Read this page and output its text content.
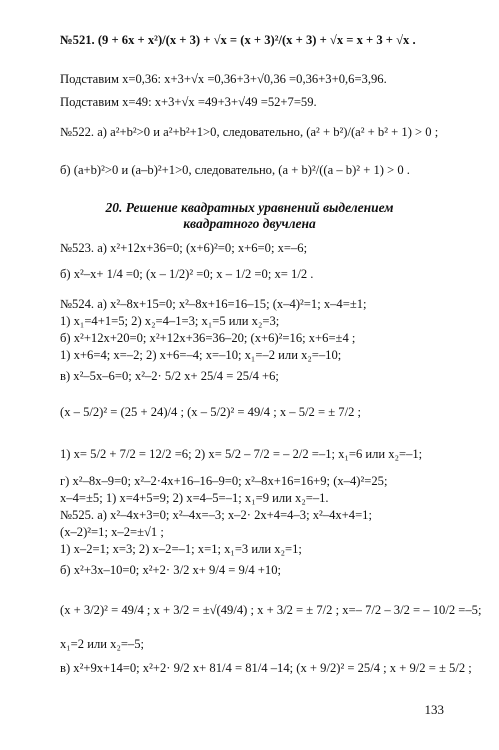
20. Решение квадратных уравнений выделением
квадратного двучлена
№521. (9 + 6x + x²)/(x + 3) + √x = (x + 3)²/(x + 3) + √x = x + 3 + √x .
Подставим x=0,36: x+3+√x =0,36+3+√0,36 =0,36+3+0,6=3,96.
Подставим x=49: x+3+√x =49+3+√49 =52+7=59.
№522. а) a²+b²>0 и a²+b²+1>0, следовательно, (a² + b²)/(a² + b² + 1) > 0 ;
б) (a+b)²>0 и (a–b)²+1>0, следовательно, (a + b)²/((a – b)² + 1) > 0 .
№523. а) x²+12x+36=0; (x+6)²=0; x+6=0; x=–6;
б) x²–x+ 1/4 =0; (x – 1/2)² =0; x – 1/2 =0; x= 1/2 .
№524. а) x²–8x+15=0; x²–8x+16=16–15; (x–4)²=1; x–4=±1;
1) x₁=4+1=5; 2) x₂=4–1=3; x₁=5 или x₂=3;
б) x²+12x+20=0; x²+12x+36=36–20; (x+6)²=16; x+6=±4 ;
1) x+6=4; x=–2; 2) x+6=–4; x=–10; x₁=–2 или x₂=–10;
в) x²–5x–6=0; x²–2· 5/2 x+ 25/4 = 25/4 +6;
(x – 5/2)² = (25 + 24)/4 ; (x – 5/2)² = 49/4 ; x – 5/2 = ± 7/2 ;
1) x= 5/2 + 7/2 = 12/2 =6; 2) x= 5/2 – 7/2 = – 2/2 =–1; x₁=6 или x₂=–1;
г) x²–8x–9=0; x²–2·4x+16–16–9=0; x²–8x+16=16+9; (x–4)²=25;
x–4=±5; 1) x=4+5=9; 2) x=4–5=–1; x₁=9 или x₂=–1.
№525. а) x²–4x+3=0; x²–4x=–3; x–2· 2x+4=4–3; x²–4x+4=1;
(x–2)²=1; x–2=±√1 ;
1) x–2=1; x=3; 2) x–2=–1; x=1; x₁=3 или x₂=1;
б) x²+3x–10=0; x²+2· 3/2 x+ 9/4 = 9/4 +10;
(x + 3/2)² = 49/4 ; x + 3/2 = ±√(49/4) ; x + 3/2 = ± 7/2 ; x=– 7/2 – 3/2 = – 10/2 =–5;
x₁=2 или x₂=–5;
в) x²+9x+14=0; x²+2· 9/2 x+ 81/4 = 81/4 –14; (x + 9/2)² = 25/4 ; x + 9/2 = ± 5/2 ;
133
